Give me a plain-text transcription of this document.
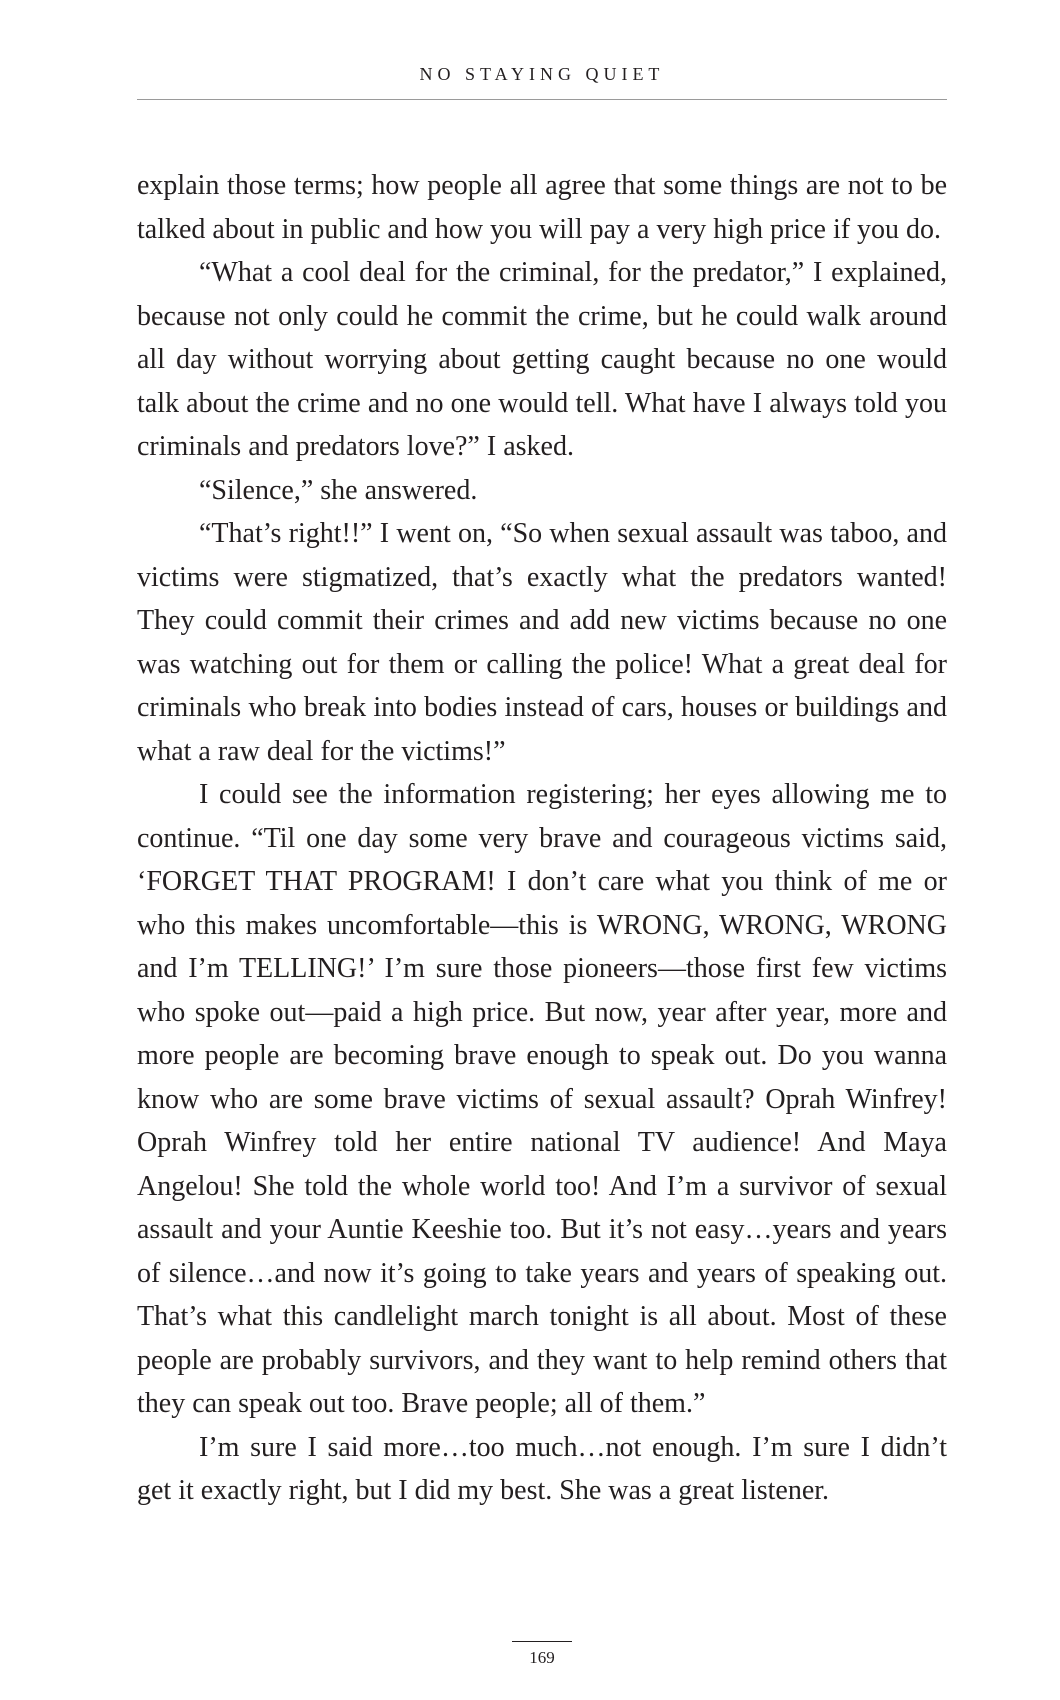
NO STAYING QUIET

explain those terms; how people all agree that some things are not to be talked about in public and how you will pay a very high price if you do.

“What a cool deal for the criminal, for the predator,” I explained, because not only could he commit the crime, but he could walk around all day without worrying about getting caught because no one would talk about the crime and no one would tell. What have I always told you criminals and predators love?” I asked.

“Silence,” she answered.

“That’s right!!” I went on, “So when sexual assault was taboo, and victims were stigmatized, that’s exactly what the predators wanted! They could commit their crimes and add new victims because no one was watching out for them or calling the police! What a great deal for criminals who break into bodies instead of cars, houses or buildings and what a raw deal for the victims!”

I could see the information registering; her eyes allowing me to continue. “Til one day some very brave and courageous victims said, ‘FORGET THAT PROGRAM! I don’t care what you think of me or who this makes uncomfortable—this is WRONG, WRONG, WRONG and I’m TELLING!’ I’m sure those pioneers—those first few victims who spoke out—paid a high price. But now, year after year, more and more people are becoming brave enough to speak out. Do you wanna know who are some brave victims of sexual assault? Oprah Winfrey! Oprah Winfrey told her entire national TV audience! And Maya Angelou! She told the whole world too! And I’m a survivor of sexual assault and your Auntie Keeshie too. But it’s not easy…years and years of silence…and now it’s going to take years and years of speaking out. That’s what this candlelight march tonight is all about. Most of these people are probably survivors, and they want to help remind others that they can speak out too. Brave people; all of them.”

I’m sure I said more…too much…not enough. I’m sure I didn’t get it exactly right, but I did my best. She was a great listener.

169
